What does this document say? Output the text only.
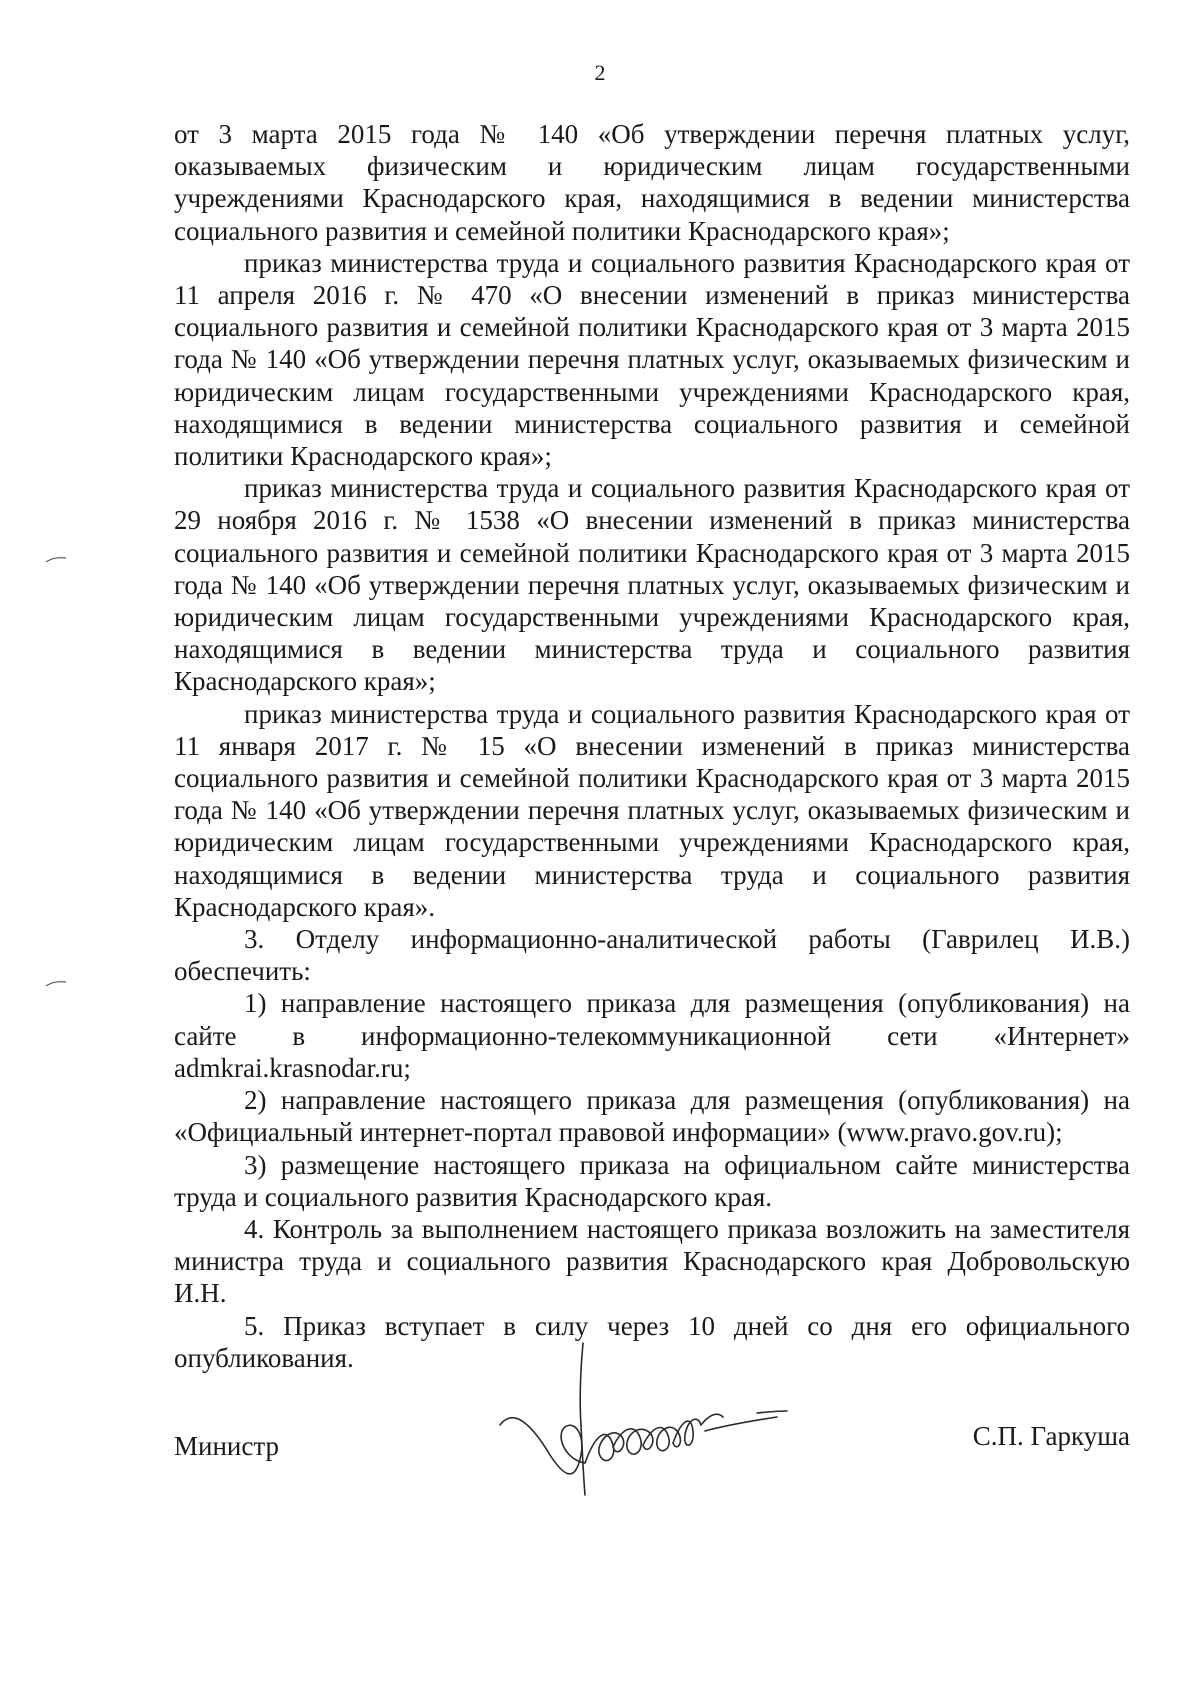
2

от 3 марта 2015 года № 140 «Об утверждении перечня платных услуг, оказываемых физическим и юридическим лицам государственными учреждениями Краснодарского края, находящимися в ведении министерства социального развития и семейной политики Краснодарского края»;

приказ министерства труда и социального развития Краснодарского края от 11 апреля 2016 г. № 470 «О внесении изменений в приказ министерства социального развития и семейной политики Краснодарского края от 3 марта 2015 года № 140 «Об утверждении перечня платных услуг, оказываемых физическим и юридическим лицам государственными учреждениями Краснодарского края, находящимися в ведении министерства социального развития и семейной политики Краснодарского края»;

приказ министерства труда и социального развития Краснодарского края от 29 ноября 2016 г. № 1538 «О внесении изменений в приказ министерства социального развития и семейной политики Краснодарского края от 3 марта 2015 года № 140 «Об утверждении перечня платных услуг, оказываемых физическим и юридическим лицам государственными учреждениями Краснодарского края, находящимися в ведении министерства труда и социального развития Краснодарского края»;

приказ министерства труда и социального развития Краснодарского края от 11 января 2017 г. № 15 «О внесении изменений в приказ министерства социального развития и семейной политики Краснодарского края от 3 марта 2015 года № 140 «Об утверждении перечня платных услуг, оказываемых физическим и юридическим лицам государственными учреждениями Краснодарского края, находящимися в ведении министерства труда и социального развития Краснодарского края».

3. Отделу информационно-аналитической работы (Гаврилец И.В.) обеспечить:

1) направление настоящего приказа для размещения (опубликования) на сайте в информационно-телекоммуникационной сети «Интернет» admkrai.krasnodar.ru;

2) направление настоящего приказа для размещения (опубликования) на «Официальный интернет-портал правовой информации» (www.pravo.gov.ru);

3) размещение настоящего приказа на официальном сайте министерства труда и социального развития Краснодарского края.

4. Контроль за выполнением настоящего приказа возложить на заместителя министра труда и социального развития Краснодарского края Добровольскую И.Н.

5. Приказ вступает в силу через 10 дней со дня его официального опубликования.

Министр	С.П. Гаркуша
